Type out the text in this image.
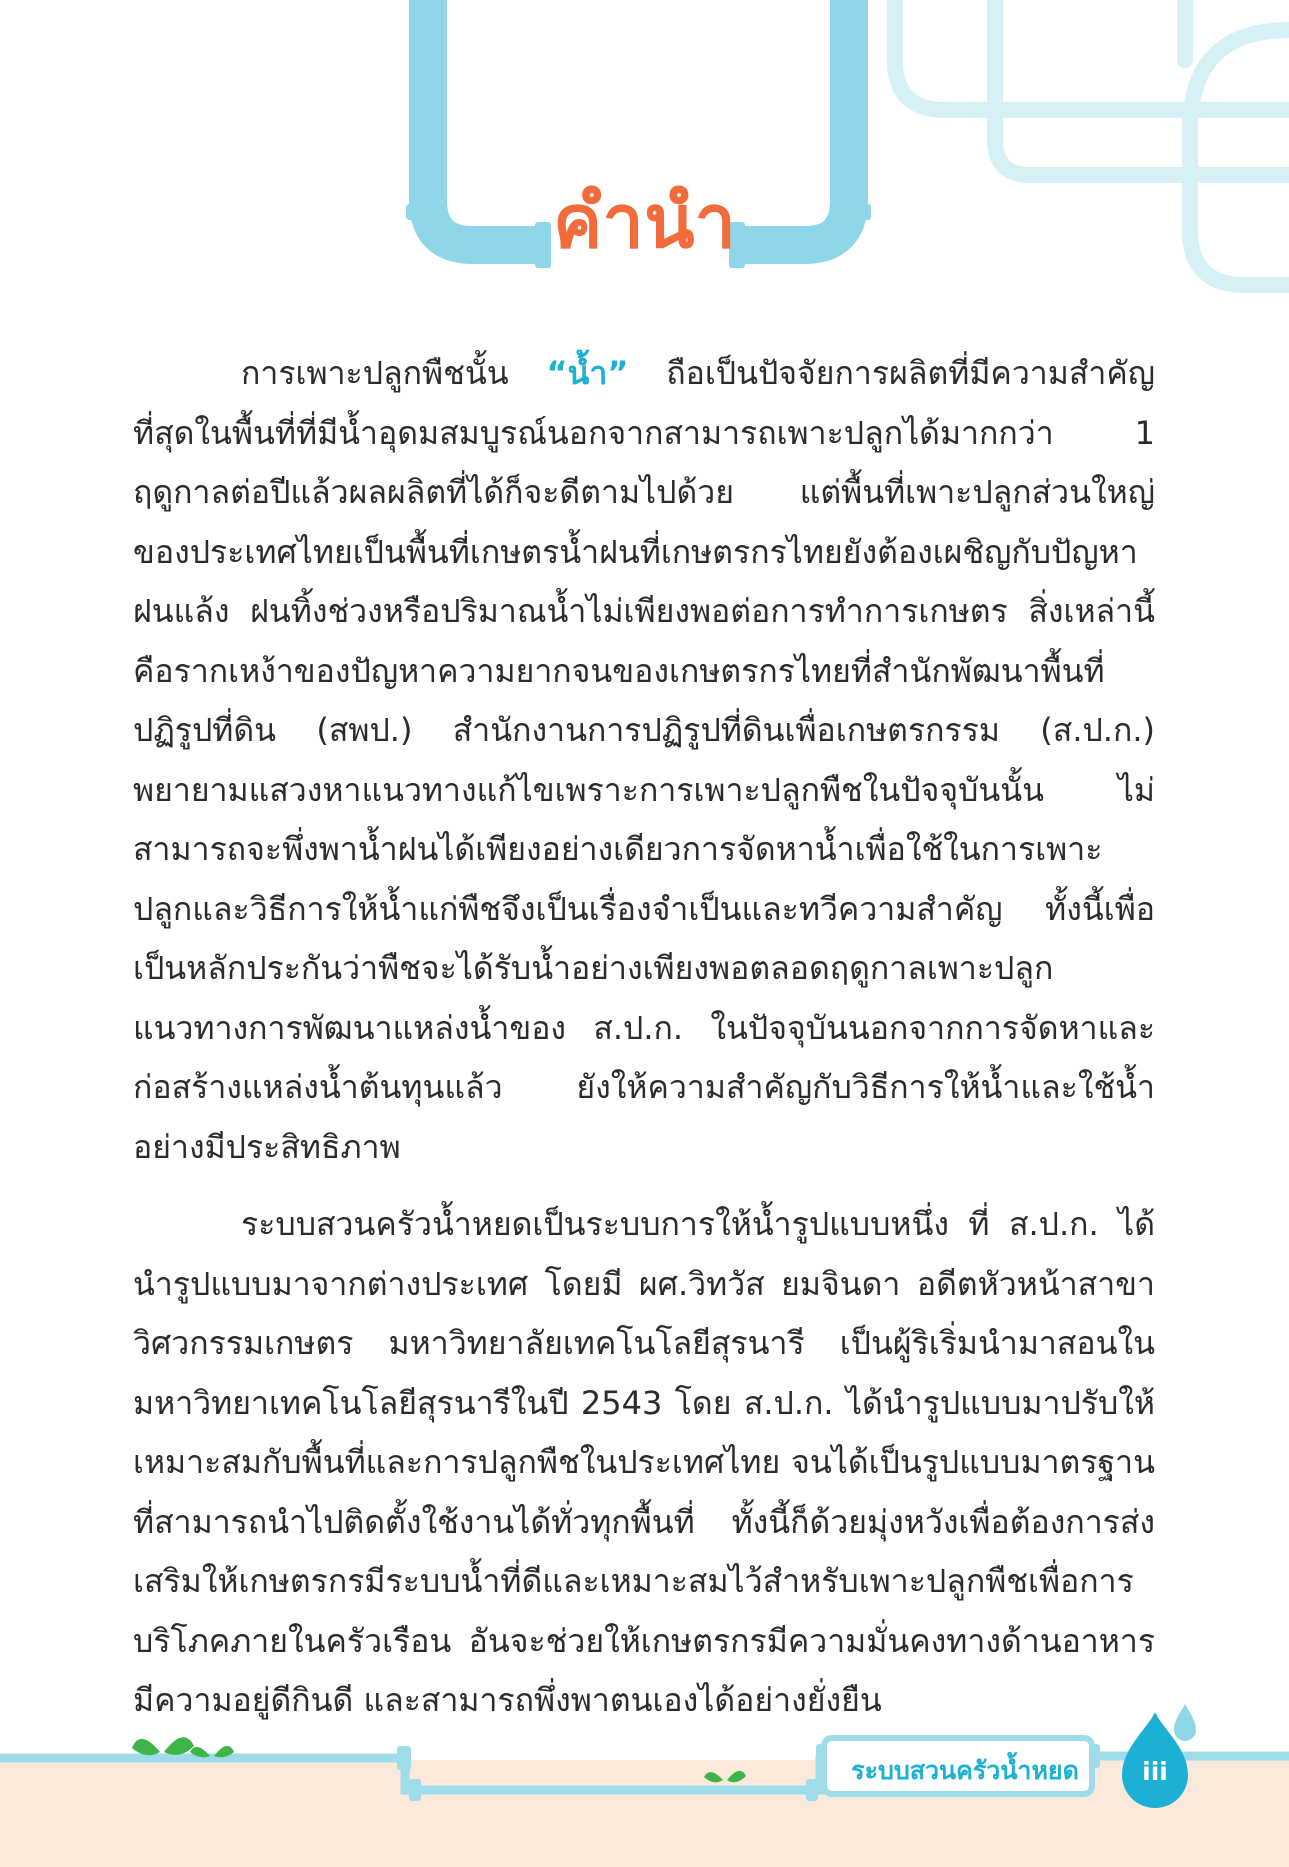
คำนำ

การเพาะปลูกพืชนั้น “น้ำ” ถือเป็นปัจจัยการผลิตที่มีความสำคัญที่สุดในพื้นที่ที่มีน้ำอุดมสมบูรณ์นอกจากสามารถเพาะปลูกได้มากกว่า 1 ฤดูกาลต่อปีแล้วผลผลิตที่ได้ก็จะดีตามไปด้วย แต่พื้นที่เพาะปลูกส่วนใหญ่ของประเทศไทยเป็นพื้นที่เกษตรน้ำฝนที่เกษตรกรไทยยังต้องเผชิญกับปัญหาฝนแล้ง ฝนทิ้งช่วงหรือปริมาณน้ำไม่เพียงพอต่อการทำการเกษตร สิ่งเหล่านี้คือรากเหง้าของปัญหาความยากจนของเกษตรกรไทยที่สำนักพัฒนาพื้นที่ปฏิรูปที่ดิน (สพป.) สำนักงานการปฏิรูปที่ดินเพื่อเกษตรกรรม (ส.ป.ก.) พยายามแสวงหาแนวทางแก้ไขเพราะการเพาะปลูกพืชในปัจจุบันนั้น ไม่สามารถจะพึ่งพาน้ำฝนได้เพียงอย่างเดียวการจัดหาน้ำเพื่อใช้ในการเพาะปลูกและวิธีการให้น้ำแก่พืชจึงเป็นเรื่องจำเป็นและทวีความสำคัญ ทั้งนี้เพื่อเป็นหลักประกันว่าพืชจะได้รับน้ำอย่างเพียงพอตลอดฤดูกาลเพาะปลูก แนวทางการพัฒนาแหล่งน้ำของ ส.ป.ก. ในปัจจุบันนอกจากการจัดหาและก่อสร้างแหล่งน้ำต้นทุนแล้ว ยังให้ความสำคัญกับวิธีการให้น้ำและใช้น้ำอย่างมีประสิทธิภาพ

ระบบสวนครัวน้ำหยดเป็นระบบการให้น้ำรูปแบบหนึ่ง ที่ ส.ป.ก. ได้นำรูปแบบมาจากต่างประเทศ โดยมี ผศ.วิทวัส ยมจินดา อดีตหัวหน้าสาขาวิศวกรรมเกษตร มหาวิทยาลัยเทคโนโลยีสุรนารี เป็นผู้ริเริ่มนำมาสอนในมหาวิทยาเทคโนโลยีสุรนารีในปี 2543 โดย ส.ป.ก. ได้นำรูปแบบมาปรับให้เหมาะสมกับพื้นที่และการปลูกพืชในประเทศไทย จนได้เป็นรูปแบบมาตรฐานที่สามารถนำไปติดตั้งใช้งานได้ทั่วทุกพื้นที่ ทั้งนี้ก็ด้วยมุ่งหวังเพื่อต้องการส่งเสริมให้เกษตรกรมีระบบน้ำที่ดีและเหมาะสมไว้สำหรับเพาะปลูกพืชเพื่อการบริโภคภายในครัวเรือน อันจะช่วยให้เกษตรกรมีความมั่นคงทางด้านอาหาร มีความอยู่ดีกินดี และสามารถพึ่งพาตนเองได้อย่างยั่งยืน

ระบบสวนครัวน้ำหยด	iii
